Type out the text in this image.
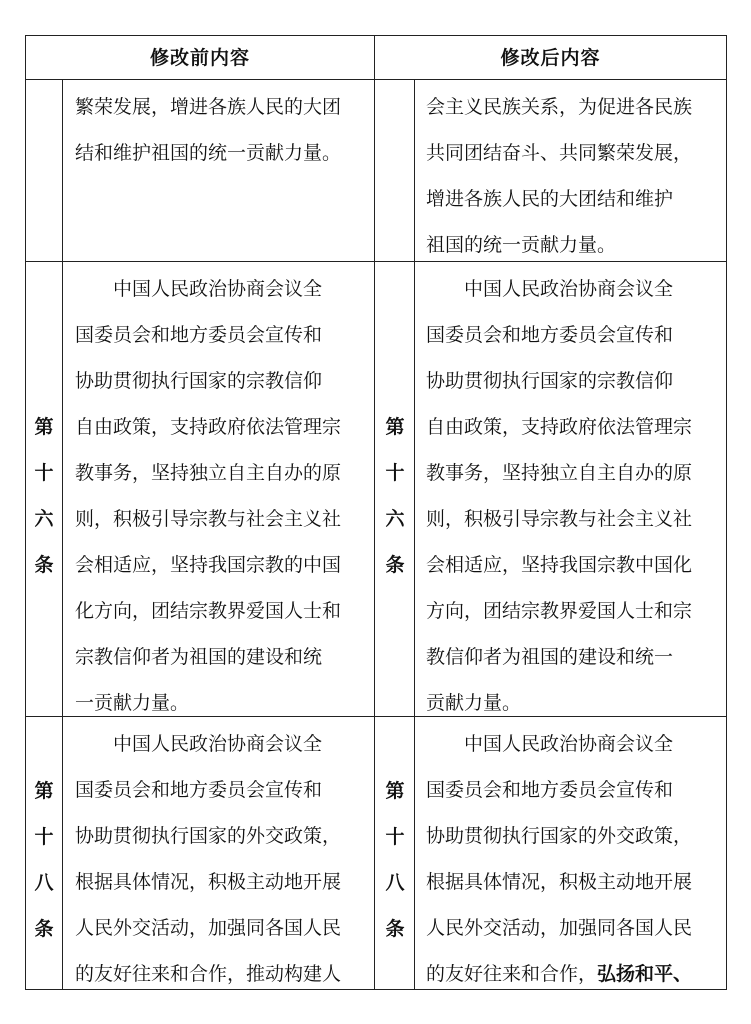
修改前内容	修改后内容
繁荣发展，增进各族人民的大团
结和维护祖国的统一贡献力量。
会主义民族关系，为促进各民族
共同团结奋斗、共同繁荣发展，
增进各族人民的大团结和维护
祖国的统一贡献力量。
第
十
六
条
第
十
六
条
　　中国人民政治协商会议全
国委员会和地方委员会宣传和
协助贯彻执行国家的宗教信仰
自由政策，支持政府依法管理宗
教事务，坚持独立自主自办的原
则，积极引导宗教与社会主义社
会相适应，坚持我国宗教的中国
化方向，团结宗教界爱国人士和
宗教信仰者为祖国的建设和统
一贡献力量。
　　中国人民政治协商会议全
国委员会和地方委员会宣传和
协助贯彻执行国家的宗教信仰
自由政策，支持政府依法管理宗
教事务，坚持独立自主自办的原
则，积极引导宗教与社会主义社
会相适应，坚持我国宗教中国化
方向，团结宗教界爱国人士和宗
教信仰者为祖国的建设和统一
贡献力量。
第
十
八
条
第
十
八
条
　　中国人民政治协商会议全
国委员会和地方委员会宣传和
协助贯彻执行国家的外交政策，
根据具体情况，积极主动地开展
人民外交活动，加强同各国人民
的友好往来和合作，推动构建人
　　中国人民政治协商会议全
国委员会和地方委员会宣传和
协助贯彻执行国家的外交政策，
根据具体情况，积极主动地开展
人民外交活动，加强同各国人民
的友好往来和合作，弘扬和平、
